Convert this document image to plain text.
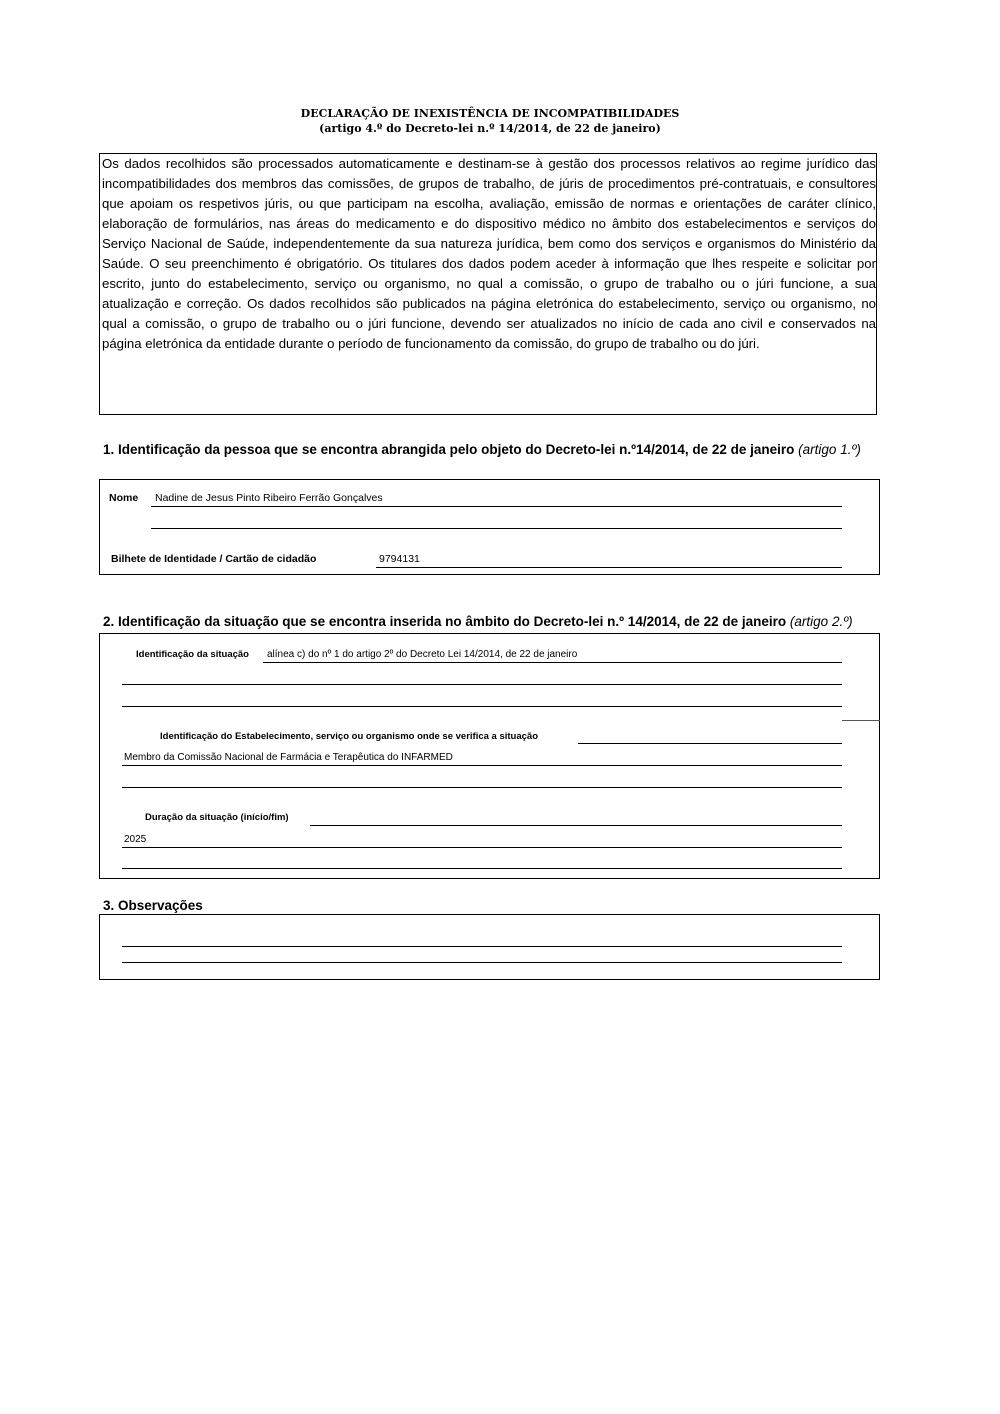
DECLARAÇÃO DE INEXISTÊNCIA DE INCOMPATIBILIDADES
(artigo 4.º do Decreto-lei n.º 14/2014, de 22 de janeiro)
Os dados recolhidos são processados automaticamente e destinam-se à gestão dos processos relativos ao regime jurídico das incompatibilidades dos membros das comissões, de grupos de trabalho, de júris de procedimentos pré-contratuais, e consultores que apoiam os respetivos júris, ou que participam na escolha, avaliação, emissão de normas e orientações de caráter clínico, elaboração de formulários, nas áreas do medicamento e do dispositivo médico no âmbito dos estabelecimentos e serviços do Serviço Nacional de Saúde, independentemente da sua natureza jurídica, bem como dos serviços e organismos do Ministério da Saúde. O seu preenchimento é obrigatório. Os titulares dos dados podem aceder à informação que lhes respeite e solicitar por escrito, junto do estabelecimento, serviço ou organismo, no qual a comissão, o grupo de trabalho ou o júri funcione, a sua atualização e correção. Os dados recolhidos são publicados na página eletrónica do estabelecimento, serviço ou organismo, no qual a comissão, o grupo de trabalho ou o júri funcione, devendo ser atualizados no início de cada ano civil e conservados na página eletrónica da entidade durante o período de funcionamento da comissão, do grupo de trabalho ou do júri.
1. Identificação da pessoa que se encontra abrangida pelo objeto do Decreto-lei n.º14/2014, de 22 de janeiro (artigo 1.º)
Nome Nadine de Jesus Pinto Ribeiro Ferrão Gonçalves
Bilhete de Identidade / Cartão de cidadão	9794131
2. Identificação da situação que se encontra inserida no âmbito do Decreto-lei n.º 14/2014, de 22 de janeiro (artigo 2.º)
Identificação da situação alínea c) do nº 1 do artigo 2º do Decreto Lei 14/2014, de 22 de janeiro
Identificação do Estabelecimento, serviço ou organismo onde se verifica a situação
Membro da Comissão Nacional de Farmácia e Terapêutica do INFARMED
Duração da situação (início/fim)
2025
3. Observações
